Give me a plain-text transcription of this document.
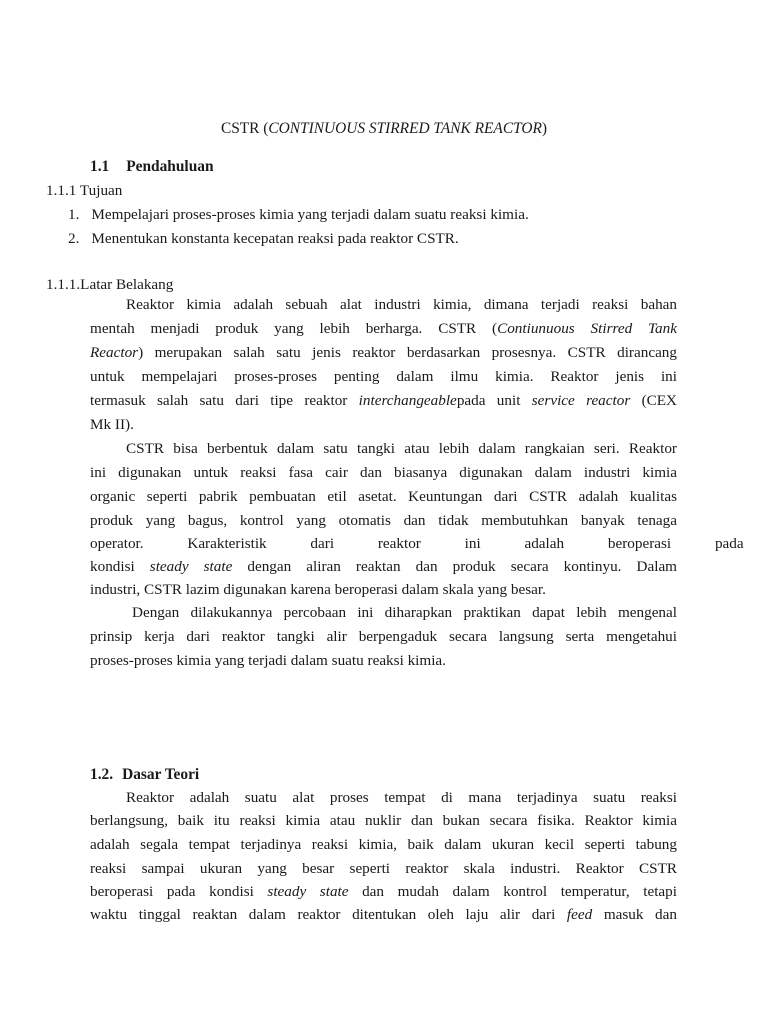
CSTR (CONTINUOUS STIRRED TANK REACTOR)
1.1 Pendahuluan
1.1.1 Tujuan
1. Mempelajari proses-proses kimia yang terjadi dalam suatu reaksi kimia.
2. Menentukan konstanta kecepatan reaksi pada reaktor CSTR.
1.1.1.Latar Belakang
Reaktor kimia adalah sebuah alat industri kimia, dimana terjadi reaksi bahan
mentah menjadi produk yang lebih berharga. CSTR (Contiunuous Stirred Tank
Reactor) merupakan salah satu jenis reaktor berdasarkan prosesnya. CSTR dirancang
untuk mempelajari proses-proses penting dalam ilmu kimia. Reaktor jenis ini
termasuk salah satu dari tipe reaktor interchangeablepada unit service reactor (CEX
Mk II).
CSTR bisa berbentuk dalam satu tangki atau lebih dalam rangkaian seri. Reaktor
ini digunakan untuk reaksi fasa cair dan biasanya digunakan dalam industri kimia
organic seperti pabrik pembuatan etil asetat. Keuntungan dari CSTR adalah kualitas
produk yang bagus, kontrol yang otomatis dan tidak membutuhkan banyak tenaga
operator. Karakteristik dari reaktor ini adalah beroperasi pada
kondisi steady state dengan aliran reaktan dan produk secara kontinyu. Dalam
industri, CSTR lazim digunakan karena beroperasi dalam skala yang besar.
Dengan dilakukannya percobaan ini diharapkan praktikan dapat lebih mengenal
prinsip kerja dari reaktor tangki alir berpengaduk secara langsung serta mengetahui
proses-proses kimia yang terjadi dalam suatu reaksi kimia.
1.2. Dasar Teori
Reaktor adalah suatu alat proses tempat di mana terjadinya suatu reaksi
berlangsung, baik itu reaksi kimia atau nuklir dan bukan secara fisika. Reaktor kimia
adalah segala tempat terjadinya reaksi kimia, baik dalam ukuran kecil seperti tabung
reaksi sampai ukuran yang besar seperti reaktor skala industri. Reaktor CSTR
beroperasi pada kondisi steady state dan mudah dalam kontrol temperatur, tetapi
waktu tinggal reaktan dalam reaktor ditentukan oleh laju alir dari feed masuk dan
